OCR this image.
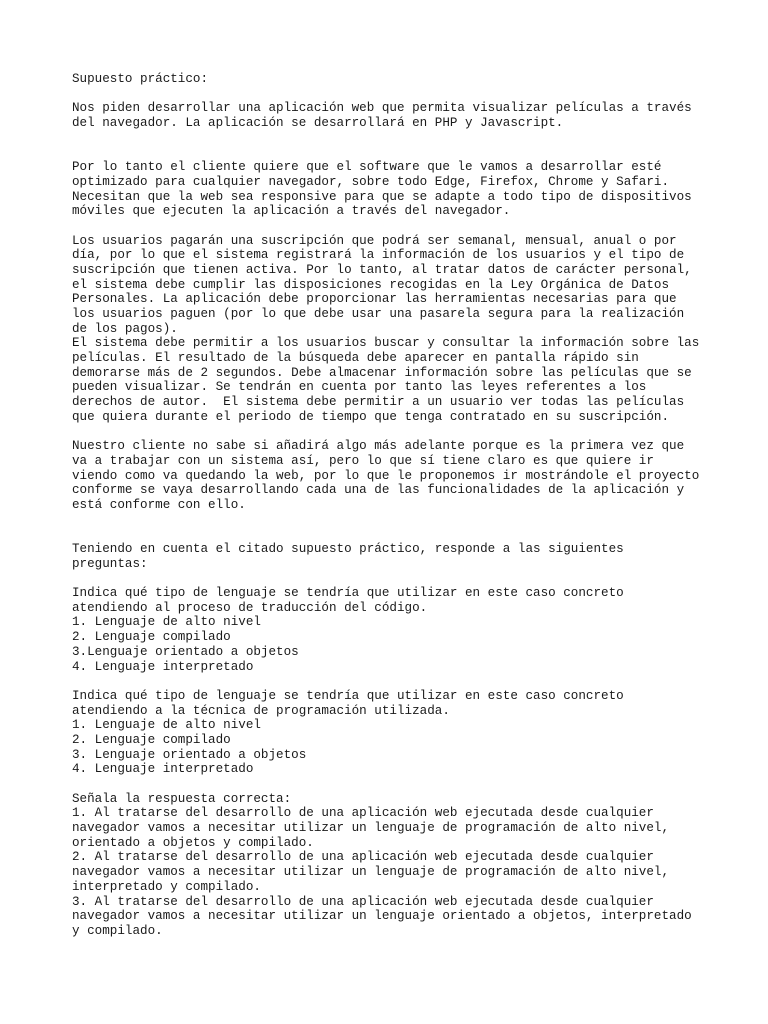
Supuesto práctico:
Nos piden desarrollar una aplicación web que permita visualizar películas a través
del navegador. La aplicación se desarrollará en PHP y Javascript.
Por lo tanto el cliente quiere que el software que le vamos a desarrollar esté
optimizado para cualquier navegador, sobre todo Edge, Firefox, Chrome y Safari.
Necesitan que la web sea responsive para que se adapte a todo tipo de dispositivos
móviles que ejecuten la aplicación a través del navegador.
Los usuarios pagarán una suscripción que podrá ser semanal, mensual, anual o por
día, por lo que el sistema registrará la información de los usuarios y el tipo de
suscripción que tienen activa. Por lo tanto, al tratar datos de carácter personal,
el sistema debe cumplir las disposiciones recogidas en la Ley Orgánica de Datos
Personales. La aplicación debe proporcionar las herramientas necesarias para que
los usuarios paguen (por lo que debe usar una pasarela segura para la realización
de los pagos).
El sistema debe permitir a los usuarios buscar y consultar la información sobre las
películas. El resultado de la búsqueda debe aparecer en pantalla rápido sin
demorarse más de 2 segundos. Debe almacenar información sobre las películas que se
pueden visualizar. Se tendrán en cuenta por tanto las leyes referentes a los
derechos de autor.  El sistema debe permitir a un usuario ver todas las películas
que quiera durante el periodo de tiempo que tenga contratado en su suscripción.
Nuestro cliente no sabe si añadirá algo más adelante porque es la primera vez que
va a trabajar con un sistema así, pero lo que sí tiene claro es que quiere ir
viendo como va quedando la web, por lo que le proponemos ir mostrándole el proyecto
conforme se vaya desarrollando cada una de las funcionalidades de la aplicación y
está conforme con ello.
Teniendo en cuenta el citado supuesto práctico, responde a las siguientes
preguntas:
Indica qué tipo de lenguaje se tendría que utilizar en este caso concreto
atendiendo al proceso de traducción del código.
1. Lenguaje de alto nivel
2. Lenguaje compilado
3.Lenguaje orientado a objetos
4. Lenguaje interpretado
Indica qué tipo de lenguaje se tendría que utilizar en este caso concreto
atendiendo a la técnica de programación utilizada.
1. Lenguaje de alto nivel
2. Lenguaje compilado
3. Lenguaje orientado a objetos
4. Lenguaje interpretado
Señala la respuesta correcta:
1. Al tratarse del desarrollo de una aplicación web ejecutada desde cualquier
navegador vamos a necesitar utilizar un lenguaje de programación de alto nivel,
orientado a objetos y compilado.
2. Al tratarse del desarrollo de una aplicación web ejecutada desde cualquier
navegador vamos a necesitar utilizar un lenguaje de programación de alto nivel,
interpretado y compilado.
3. Al tratarse del desarrollo de una aplicación web ejecutada desde cualquier
navegador vamos a necesitar utilizar un lenguaje orientado a objetos, interpretado
y compilado.
